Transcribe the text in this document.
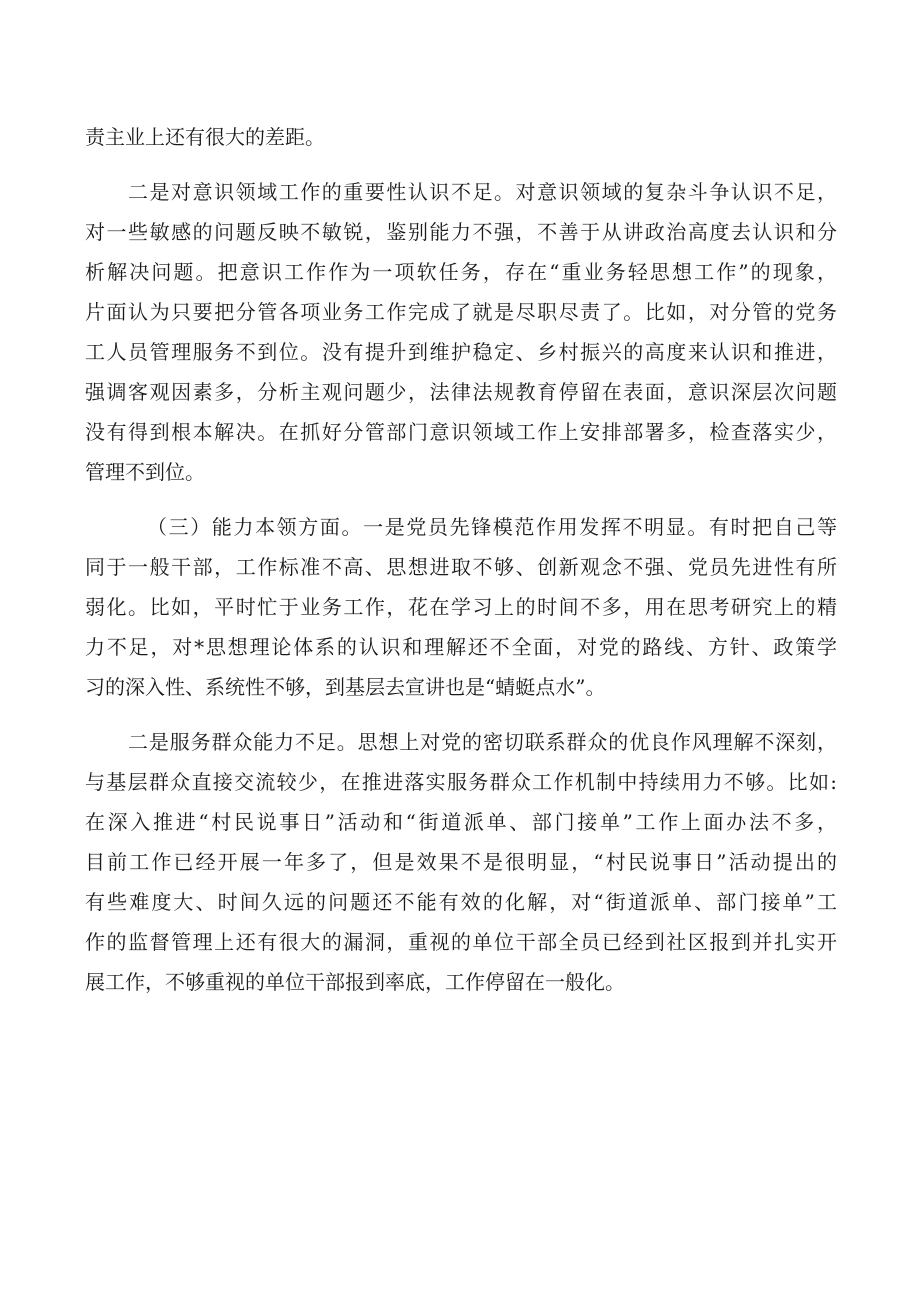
责主业上还有很大的差距。
二是对意识领域工作的重要性认识不足。对意识领域的复杂斗争认识不足，
对一些敏感的问题反映不敏锐，鉴别能力不强，不善于从讲政治高度去认识和分
析解决问题。把意识工作作为一项软任务，存在“重业务轻思想工作”的现象，
片面认为只要把分管各项业务工作完成了就是尽职尽责了。比如，对分管的党务
工人员管理服务不到位。没有提升到维护稳定、乡村振兴的高度来认识和推进，
强调客观因素多，分析主观问题少，法律法规教育停留在表面，意识深层次问题
没有得到根本解决。在抓好分管部门意识领域工作上安排部署多，检查落实少，
管理不到位。
（三）能力本领方面。一是党员先锋模范作用发挥不明显。有时把自己等
同于一般干部，工作标准不高、思想进取不够、创新观念不强、党员先进性有所
弱化。比如，平时忙于业务工作，花在学习上的时间不多，用在思考研究上的精
力不足，对*思想理论体系的认识和理解还不全面，对党的路线、方针、政策学
习的深入性、系统性不够，到基层去宣讲也是“蜻蜓点水”。
二是服务群众能力不足。思想上对党的密切联系群众的优良作风理解不深刻，
与基层群众直接交流较少，在推进落实服务群众工作机制中持续用力不够。比如:
在深入推进“村民说事日”活动和“街道派单、部门接单”工作上面办法不多，
目前工作已经开展一年多了，但是效果不是很明显，“村民说事日”活动提出的
有些难度大、时间久远的问题还不能有效的化解，对“街道派单、部门接单”工
作的监督管理上还有很大的漏洞，重视的单位干部全员已经到社区报到并扎实开
展工作，不够重视的单位干部报到率底，工作停留在一般化。
